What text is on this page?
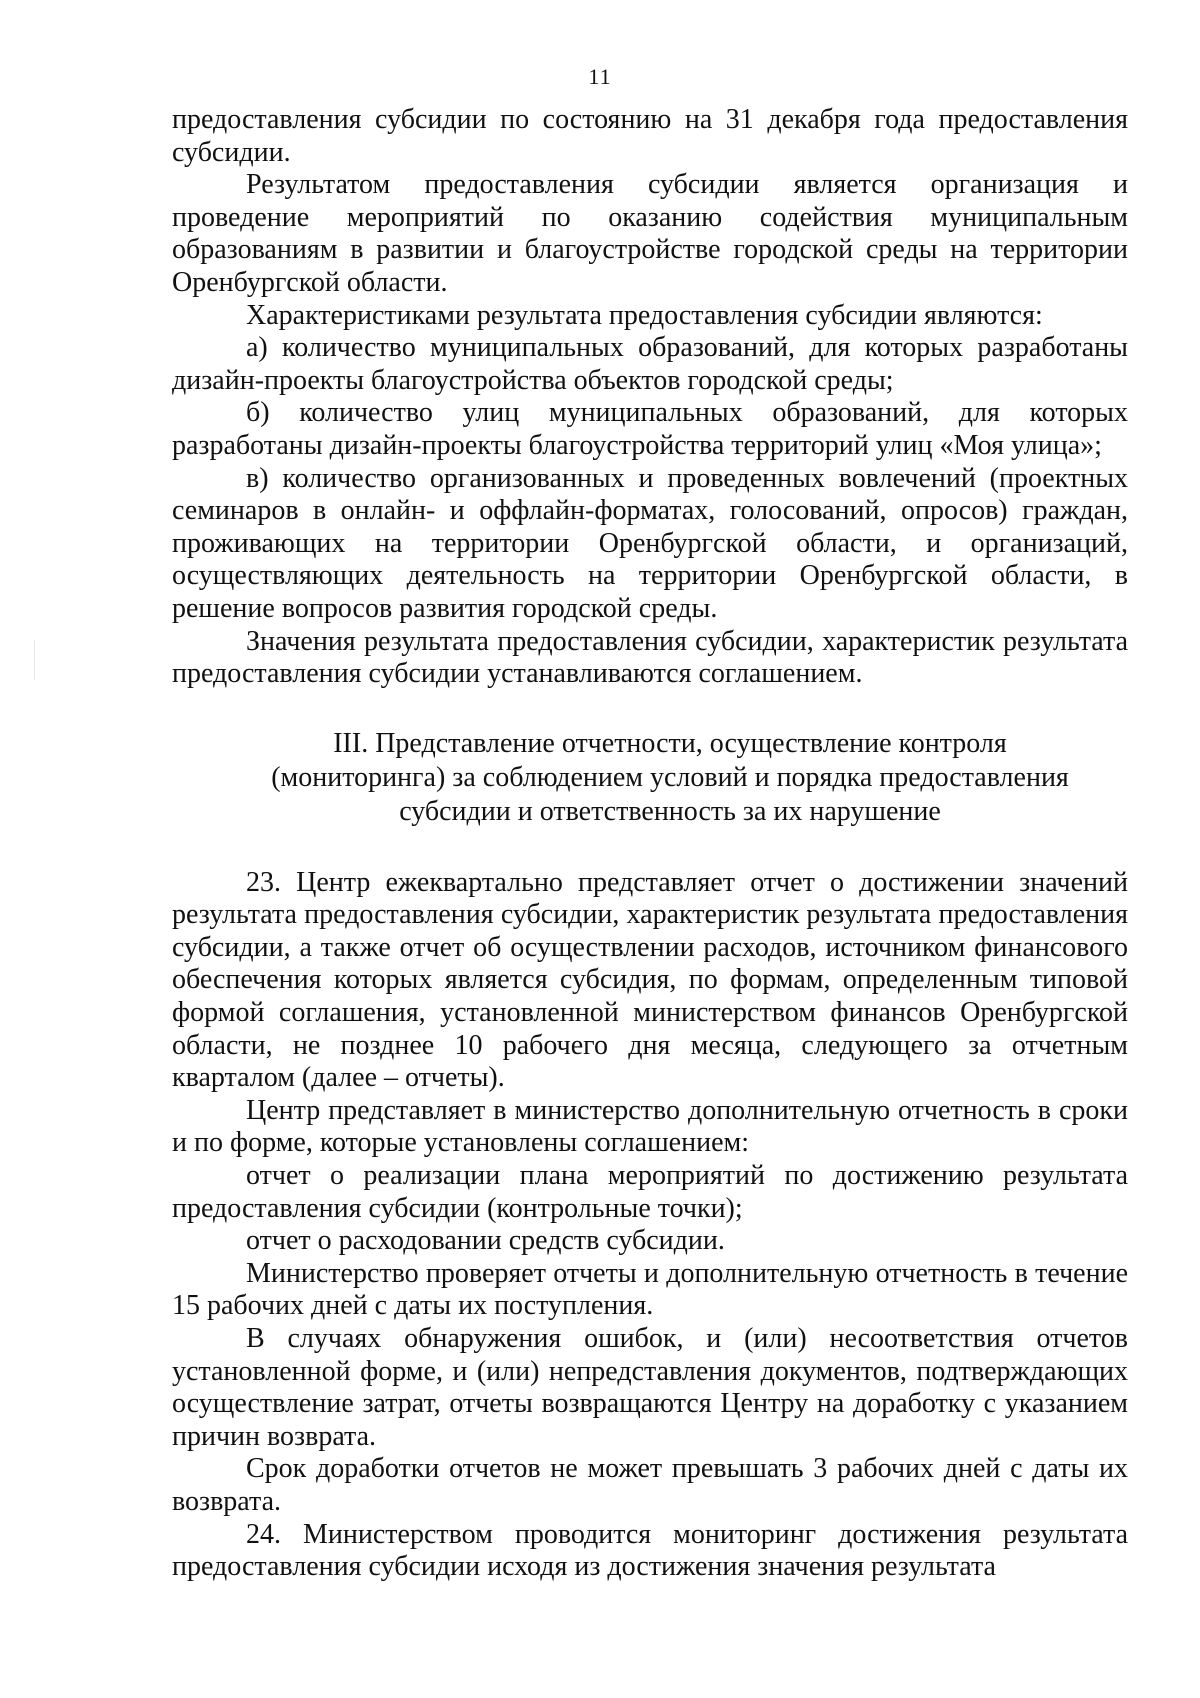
11

предоставления субсидии по состоянию на 31 декабря года предоставления субсидии.

Результатом предоставления субсидии является организация и проведение мероприятий по оказанию содействия муниципальным образованиям в развитии и благоустройстве городской среды на территории Оренбургской области.

Характеристиками результата предоставления субсидии являются:

а) количество муниципальных образований, для которых разработаны дизайн-проекты благоустройства объектов городской среды;

б) количество улиц муниципальных образований, для которых разработаны дизайн-проекты благоустройства территорий улиц «Моя улица»;

в) количество организованных и проведенных вовлечений (проектных семинаров в онлайн- и оффлайн-форматах, голосований, опросов) граждан, проживающих на территории Оренбургской области, и организаций, осуществляющих деятельность на территории Оренбургской области, в решение вопросов развития городской среды.

Значения результата предоставления субсидии, характеристик результата предоставления субсидии устанавливаются соглашением.

III. Представление отчетности, осуществление контроля
(мониторинга) за соблюдением условий и порядка предоставления
субсидии и ответственность за их нарушение

23. Центр ежеквартально представляет отчет о достижении значений результата предоставления субсидии, характеристик результата предоставления субсидии, а также отчет об осуществлении расходов, источником финансового обеспечения которых является субсидия, по формам, определенным типовой формой соглашения, установленной министерством финансов Оренбургской области, не позднее 10 рабочего дня месяца, следующего за отчетным кварталом (далее – отчеты).

Центр представляет в министерство дополнительную отчетность в сроки и по форме, которые установлены соглашением:

отчет о реализации плана мероприятий по достижению результата предоставления субсидии (контрольные точки);

отчет о расходовании средств субсидии.

Министерство проверяет отчеты и дополнительную отчетность в течение 15 рабочих дней с даты их поступления.

В случаях обнаружения ошибок, и (или) несоответствия отчетов установленной форме, и (или) непредставления документов, подтверждающих осуществление затрат, отчеты возвращаются Центру на доработку с указанием причин возврата.

Срок доработки отчетов не может превышать 3 рабочих дней с даты их возврата.

24. Министерством проводится мониторинг достижения результата предоставления субсидии исходя из достижения значения результата
